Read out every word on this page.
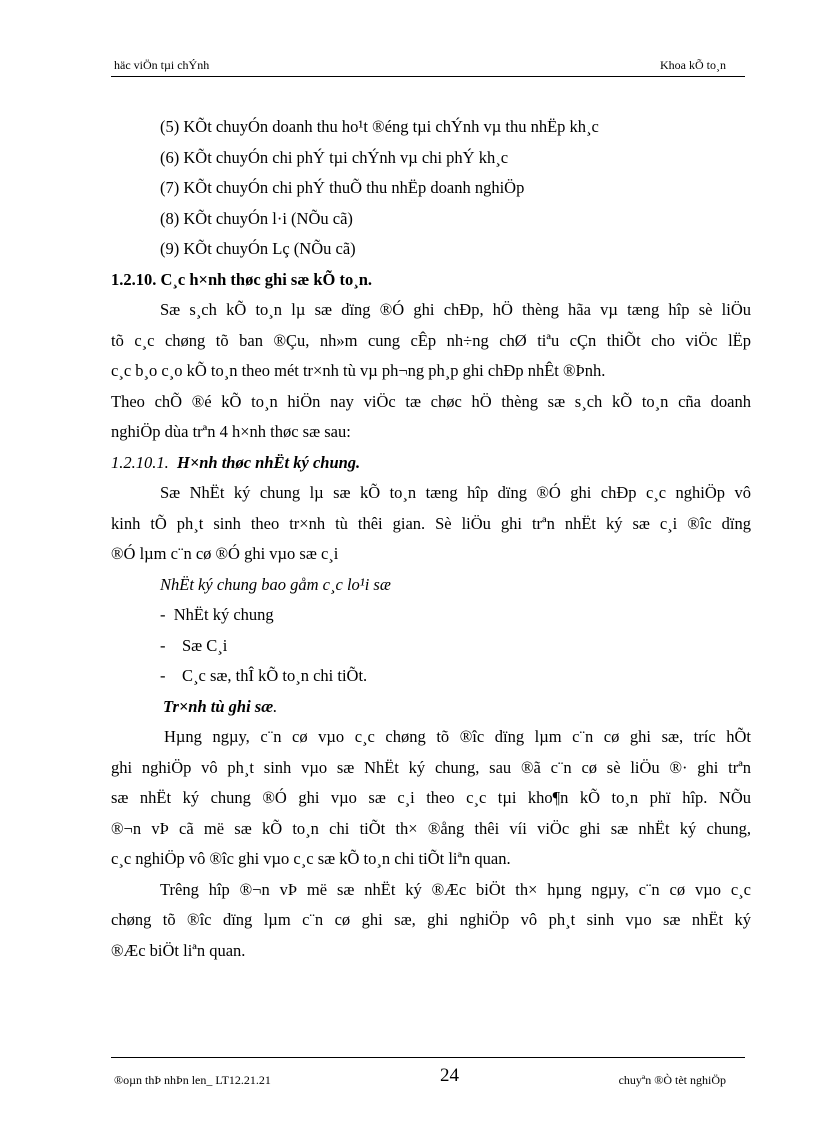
häc viÖn tµi chÝnh	Khoa kÕ to¸n
(5) KÕt chuyÓn doanh thu ho¹t ®éng tµi chÝnh vµ thu nhËp kh¸c
(6) KÕt chuyÓn chi phÝ tµi chÝnh vµ chi phÝ kh¸c
(7) KÕt chuyÓn chi phÝ thuÕ thu nhËp doanh nghiÖp
(8) KÕt chuyÓn l·i (NÕu cã)
(9) KÕt chuyÓn Lç (NÕu cã)
1.2.10. C¸c h×nh thøc ghi sæ kÕ to¸n.
Sæ s¸ch kÕ to¸n lµ sæ dïng ®Ó ghi chÐp, hÖ thèng hãa vµ tæng hîp sè liÖu
tõ c¸c chøng tõ ban ®Çu, nh»m cung cÊp nh÷ng chØ tiªu cÇn thiÕt cho viÖc lËp
c¸c b¸o c¸o kÕ to¸n theo mét tr×nh tù vµ ph¬ng ph¸p ghi chÐp nhÊt ®Þnh.
Theo chÕ ®é kÕ to¸n hiÖn nay viÖc tæ chøc hÖ thèng sæ s¸ch kÕ to¸n cña doanh
nghiÖp dùa trªn 4 h×nh thøc sæ sau:
1.2.10.1. H×nh thøc nhËt ký chung.
Sæ NhËt ký chung lµ sæ kÕ to¸n tæng hîp dïng ®Ó ghi chÐp c¸c nghiÖp vô
kinh tÕ ph¸t sinh theo tr×nh tù thêi gian. Sè liÖu ghi trªn nhËt ký sæ c¸i ®îc dïng
®Ó lµm c¨n cø ®Ó ghi vµo sæ c¸i
NhËt ký chung bao gåm c¸c lo¹i sæ
- NhËt ký chung
- Sæ C¸i
- C¸c sæ, thÎ kÕ to¸n chi tiÕt.
Tr×nh tù ghi sæ.
Hµng ngµy, c¨n cø vµo c¸c chøng tõ ®îc dïng lµm c¨n cø ghi sæ, tríc hÕt
ghi nghiÖp vô ph¸t sinh vµo sæ NhËt ký chung, sau ®ã c¨n cø sè liÖu ®· ghi trªn
sæ nhËt ký chung ®Ó ghi vµo sæ c¸i theo c¸c tµi kho¶n kÕ to¸n phï hîp. NÕu
®¬n vÞ cã më sæ kÕ to¸n chi tiÕt th× ®ång thêi víi viÖc ghi sæ nhËt ký chung,
c¸c nghiÖp vô ®îc ghi vµo c¸c sæ kÕ to¸n chi tiÕt liªn quan.
Trêng hîp ®¬n vÞ më sæ nhËt ký ®Æc biÖt th× hµng ngµy, c¨n cø vµo c¸c
chøng tõ ®îc dïng lµm c¨n cø ghi sæ, ghi nghiÖp vô ph¸t sinh vµo sæ nhËt ký
®Æc biÖt liªn quan.
®oµn thÞ nhÞn len_ LT12.21.21	24	chuyªn ®Ò tèt nghiÖp
